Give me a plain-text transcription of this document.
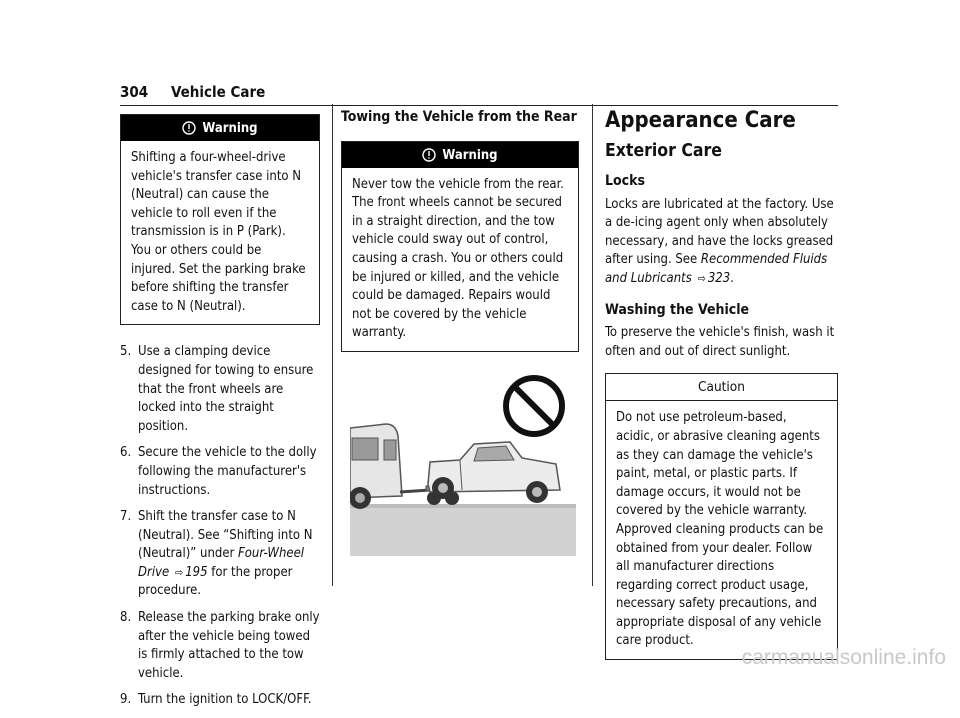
304 Vehicle Care
Warning
Shifting a four-wheel-drive vehicle's transfer case into N (Neutral) can cause the vehicle to roll even if the transmission is in P (Park). You or others could be injured. Set the parking brake before shifting the transfer case to N (Neutral).
5. Use a clamping device designed for towing to ensure that the front wheels are locked into the straight position.
6. Secure the vehicle to the dolly following the manufacturer's instructions.
7. Shift the transfer case to N (Neutral). See “Shifting into N (Neutral)” under Four-Wheel Drive ⇨ 195 for the proper procedure.
8. Release the parking brake only after the vehicle being towed is firmly attached to the tow vehicle.
9. Turn the ignition to LOCK/OFF.
Towing the Vehicle from the Rear
Warning
Never tow the vehicle from the rear. The front wheels cannot be secured in a straight direction, and the tow vehicle could sway out of control, causing a crash. You or others could be injured or killed, and the vehicle could be damaged. Repairs would not be covered by the vehicle warranty.
Appearance Care
Exterior Care
Locks

Locks are lubricated at the factory. Use a de-icing agent only when absolutely necessary, and have the locks greased after using. See Recommended Fluids and Lubricants ⇨ 323.

Washing the Vehicle

To preserve the vehicle's finish, wash it often and out of direct sunlight.

Caution
Do not use petroleum-based, acidic, or abrasive cleaning agents as they can damage the vehicle's paint, metal, or plastic parts. If damage occurs, it would not be covered by the vehicle warranty. Approved cleaning products can be obtained from your dealer. Follow all manufacturer directions regarding correct product usage, necessary safety precautions, and appropriate disposal of any vehicle care product.
carmanualsonline.info
